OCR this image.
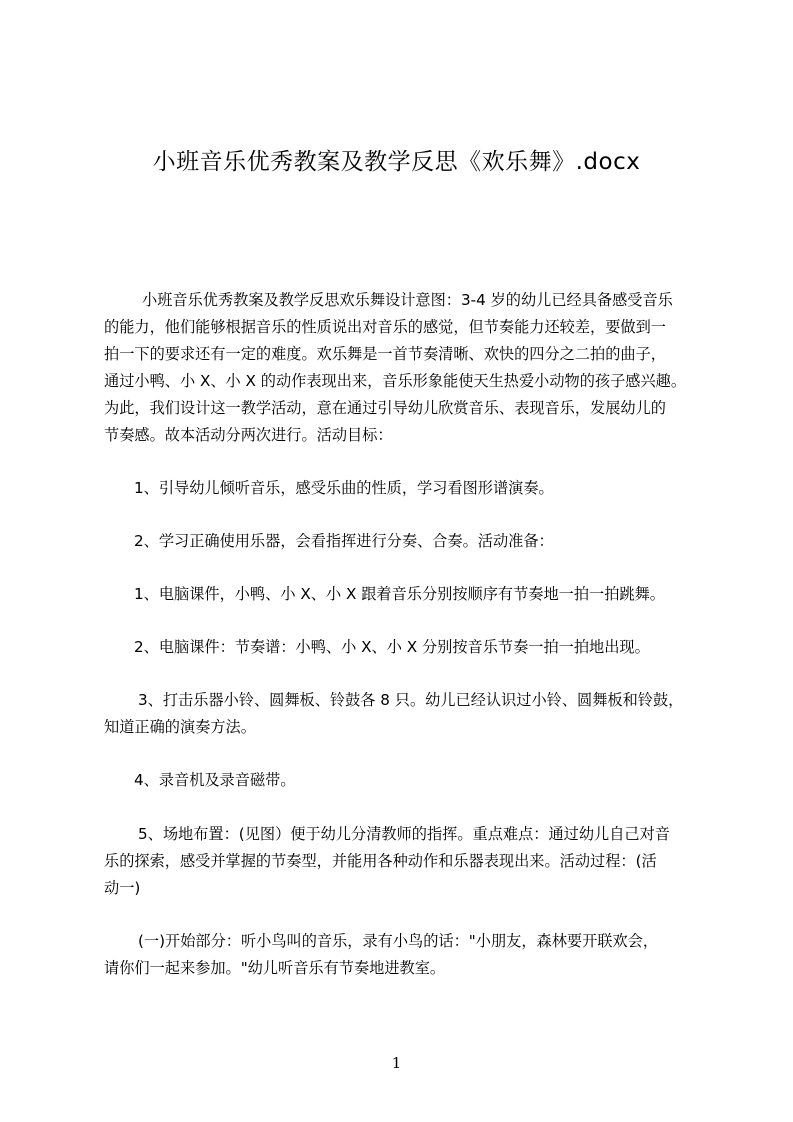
小班音乐优秀教案及教学反思《欢乐舞》.docx
小班音乐优秀教案及教学反思欢乐舞设计意图：3-4 岁的幼儿已经具备感受音乐
的能力，他们能够根据音乐的性质说出对音乐的感觉，但节奏能力还较差，要做到一
拍一下的要求还有一定的难度。欢乐舞是一首节奏清晰、欢快的四分之二拍的曲子，
通过小鸭、小 X、小 X 的动作表现出来，音乐形象能使天生热爱小动物的孩子感兴趣。
为此，我们设计这一教学活动，意在通过引导幼儿欣赏音乐、表现音乐，发展幼儿的
节奏感。故本活动分两次进行。活动目标：
1、引导幼儿倾听音乐，感受乐曲的性质，学习看图形谱演奏。
2、学习正确使用乐器，会看指挥进行分奏、合奏。活动准备：
1、电脑课件，小鸭、小 X、小 X 跟着音乐分别按顺序有节奏地一拍一拍跳舞。
2、电脑课件：节奏谱：小鸭、小 X、小 X 分别按音乐节奏一拍一拍地出现。
3、打击乐器小铃、圆舞板、铃鼓各 8 只。幼儿已经认识过小铃、圆舞板和铃鼓，
知道正确的演奏方法。
4、录音机及录音磁带。
5、场地布置：(见图）便于幼儿分清教师的指挥。重点难点：通过幼儿自己对音
乐的探索，感受并掌握的节奏型，并能用各种动作和乐器表现出来。活动过程：(活
动一)
(一)开始部分：听小鸟叫的音乐，录有小鸟的话："小朋友，森林要开联欢会，
请你们一起来参加。"幼儿听音乐有节奏地进教室。
1
